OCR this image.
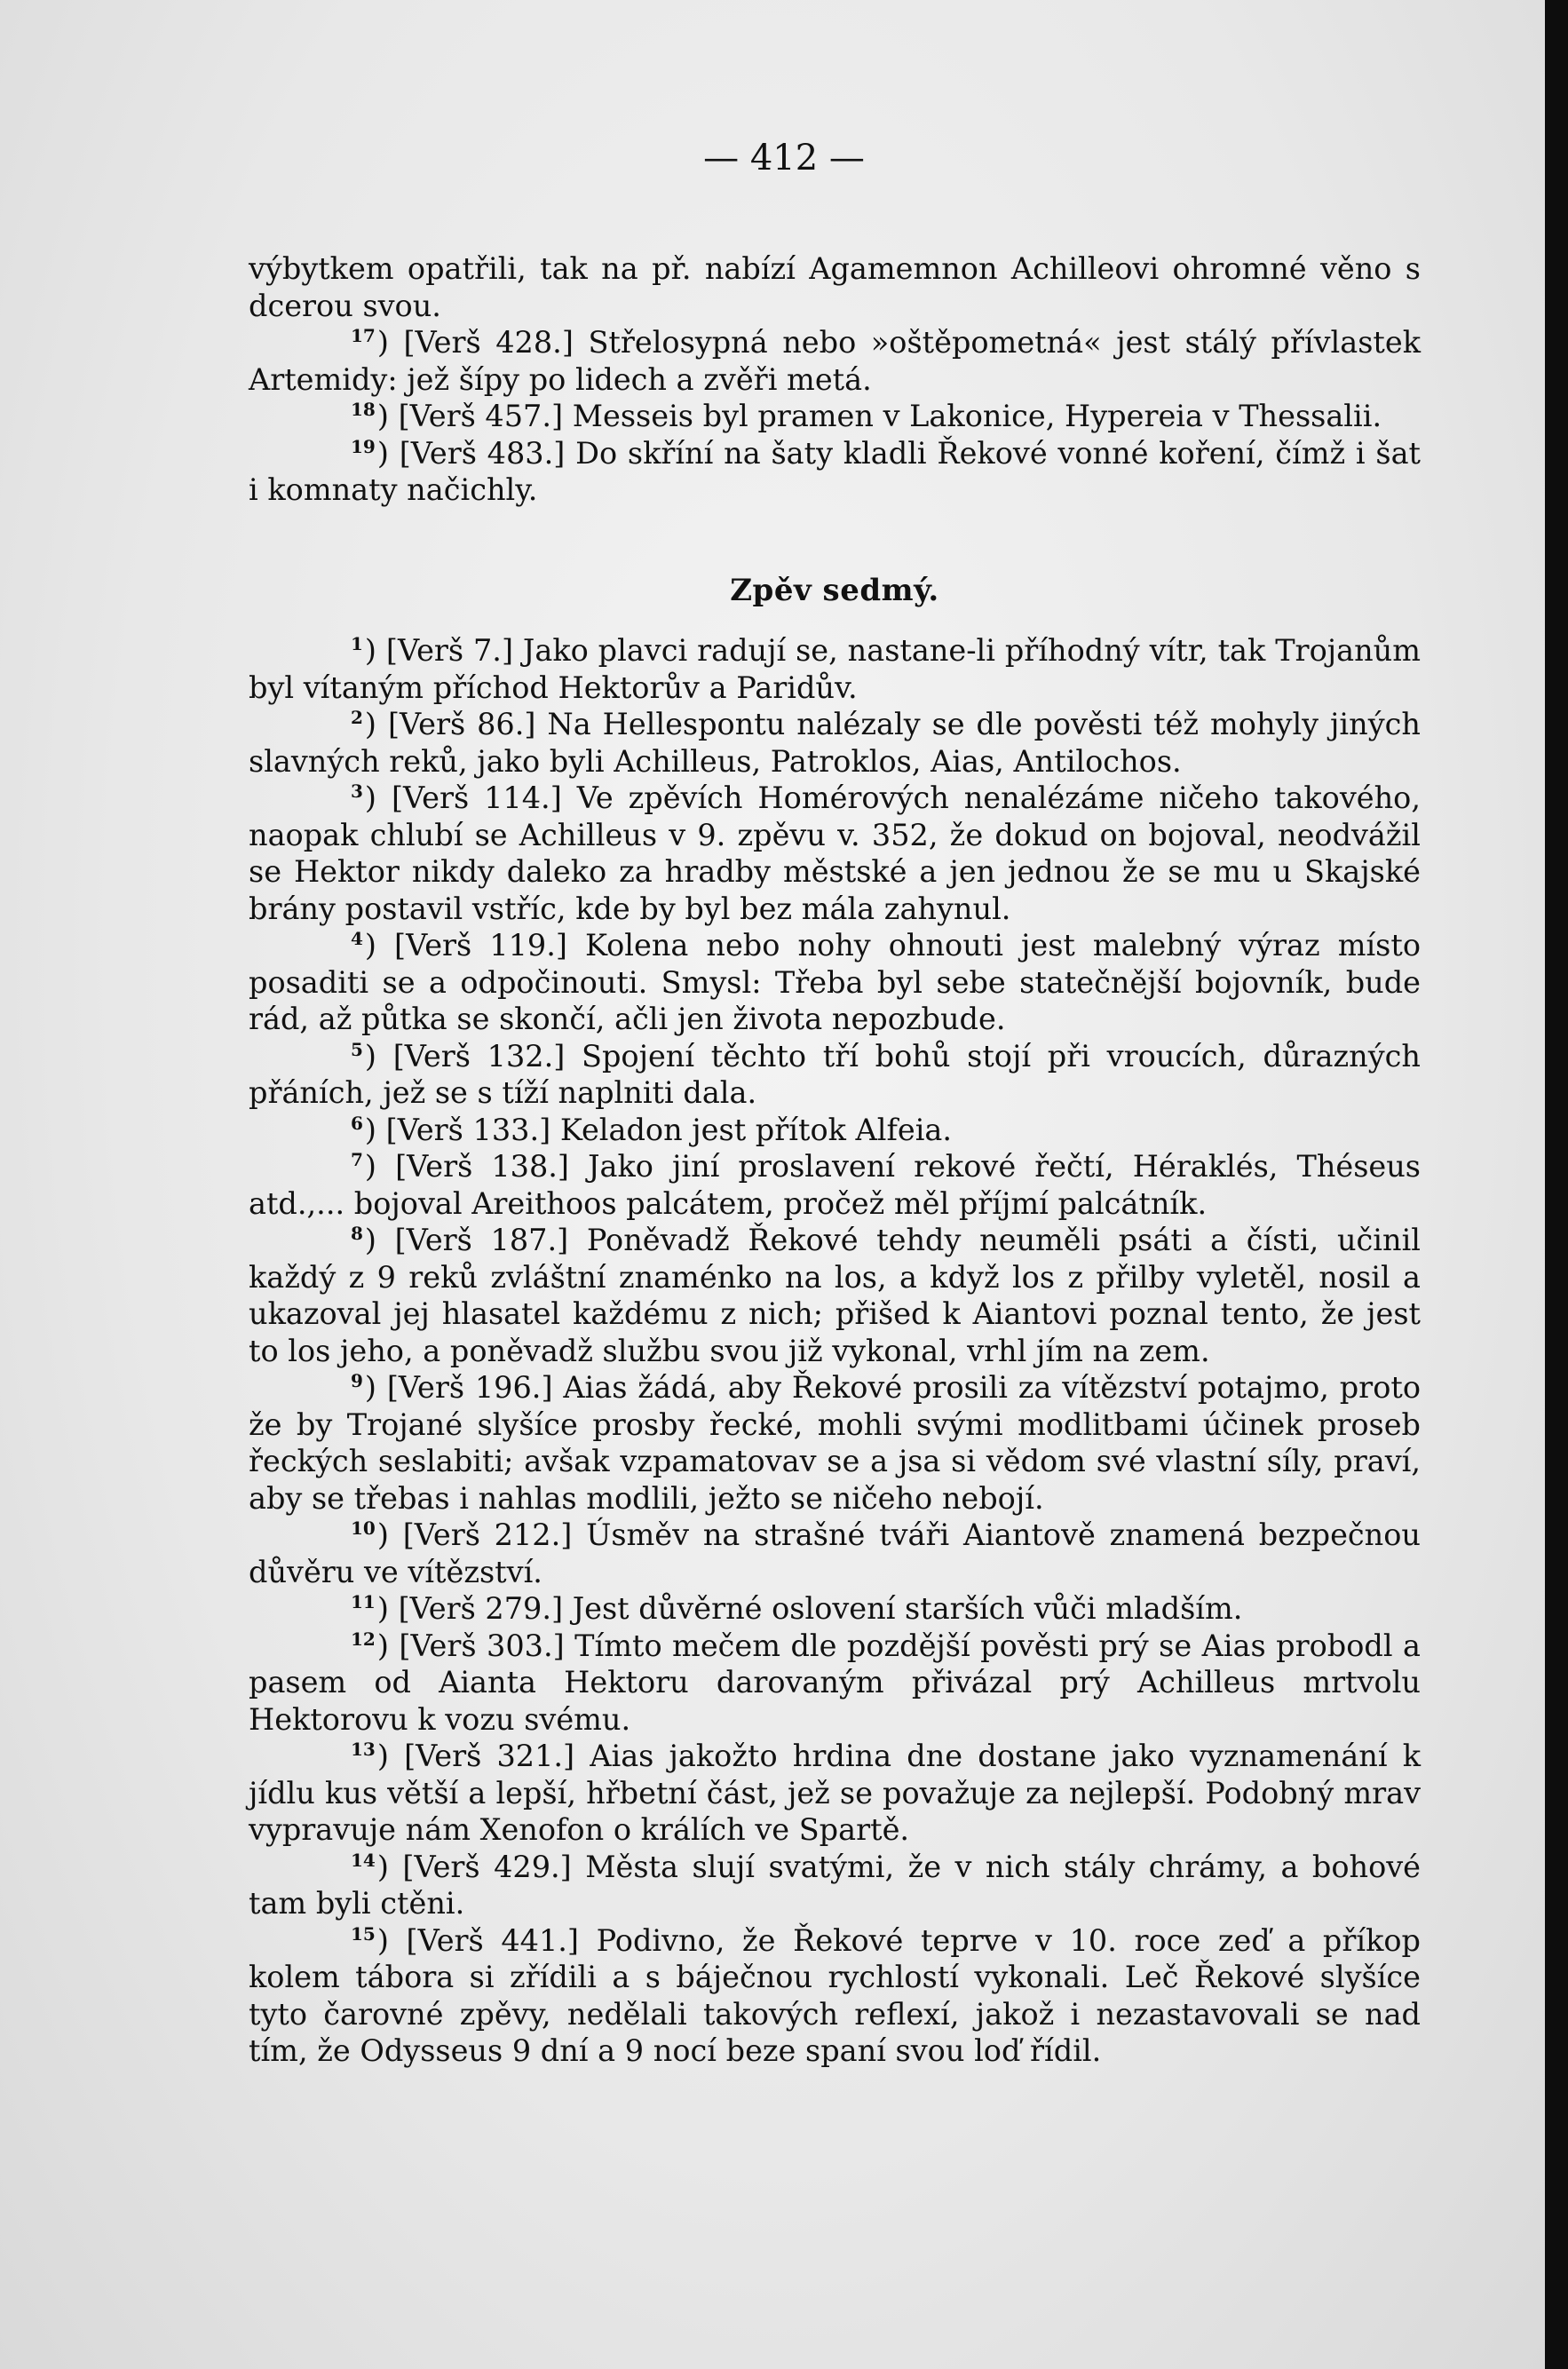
— 412 —

výbytkem opatřili, tak na př. nabízí Agamemnon Achilleovi ohromné věno s dcerou svou.

$^{17}$) [Verš 428.] Střelosypná nebo »oštěpometná« jest stálý přívlastek Artemidy: jež šípy po lidech a zvěři metá.

$^{18}$) [Verš 457.] Messeis byl pramen v Lakonice, Hypereia v Thessalii.

$^{19}$) [Verš 483.] Do skříní na šaty kladli Řekové vonné koření, čímž i šat i komnaty načichly.

Zpěv sedmý.

$^1$) [Verš 7.] Jako plavci radují se, nastane-li příhodný vítr, tak Trojanům byl vítaným příchod Hektorův a Paridův.

$^2$) [Verš 86.] Na Hellespontu nalézaly se dle pověsti též mohyly jiných slavných reků, jako byli Achilleus, Patroklos, Aias, Antilochos.

$^3$) [Verš 114.] Ve zpěvích Homérových nenalézáme ničeho takového, naopak chlubí se Achilleus v 9. zpěvu v. 352, že dokud on bojoval, neodvážil se Hektor nikdy daleko za hradby městské a jen jednou že se mu u Skajské brány postavil vstříc, kde by byl bez mála zahynul.

$^4$) [Verš 119.] Kolena nebo nohy ohnouti jest malebný výraz místo posaditi se a odpočinouti. Smysl: Třeba byl sebe statečnější bojovník, bude rád, až půtka se skončí, ačli jen života nepozbude.

$^5$) [Verš 132.] Spojení těchto tří bohů stojí při vroucích, důrazných přáních, jež se s tíží naplniti dala.

$^6$) [Verš 133.] Keladon jest přítok Alfeia.

$^7$) [Verš 138.] Jako jiní proslavení rekové řečtí, Héraklés, Théseus atd.,... bojoval Areithoos palcátem, pročež měl příjmí palcátník.

$^8$) [Verš 187.] Poněvadž Řekové tehdy neuměli psáti a čísti, učinil každý z 9 reků zvláštní znaménko na los, a když los z přilby vyletěl, nosil a ukazoval jej hlasatel každému z nich; přišed k Aiantovi poznal tento, že jest to los jeho, a poněvadž službu svou již vykonal, vrhl jím na zem.

$^9$) [Verš 196.] Aias žádá, aby Řekové prosili za vítězství potajmo, proto že by Trojané slyšíce prosby řecké, mohli svými modlitbami účinek proseb řeckých seslabiti; avšak vzpamatovav se a jsa si vědom své vlastní síly, praví, aby se třebas i nahlas modlili, ježto se ničeho nebojí.

$^{10}$) [Verš 212.] Úsměv na strašné tváři Aiantově znamená bezpečnou důvěru ve vítězství.

$^{11}$) [Verš 279.] Jest důvěrné oslovení starších vůči mladším.

$^{12}$) [Verš 303.] Tímto mečem dle pozdější pověsti prý se Aias probodl a pasem od Aianta Hektoru darovaným přivázal prý Achilleus mrtvolu Hektorovu k vozu svému.

$^{13}$) [Verš 321.] Aias jakožto hrdina dne dostane jako vyznamenání k jídlu kus větší a lepší, hřbetní část, jež se považuje za nejlepší. Podobný mrav vypravuje nám Xenofon o králích ve Spartě.

$^{14}$) [Verš 429.] Města slují svatými, že v nich stály chrámy, a bohové tam byli ctěni.

$^{15}$) [Verš 441.] Podivno, že Řekové teprve v 10. roce zeď a příkop kolem tábora si zřídili a s báječnou rychlostí vykonali. Leč Řekové slyšíce tyto čarovné zpěvy, nedělali takových reflexí, jakož i nezastavovali se nad tím, že Odysseus 9 dní a 9 nocí beze spaní svou loď řídil.
